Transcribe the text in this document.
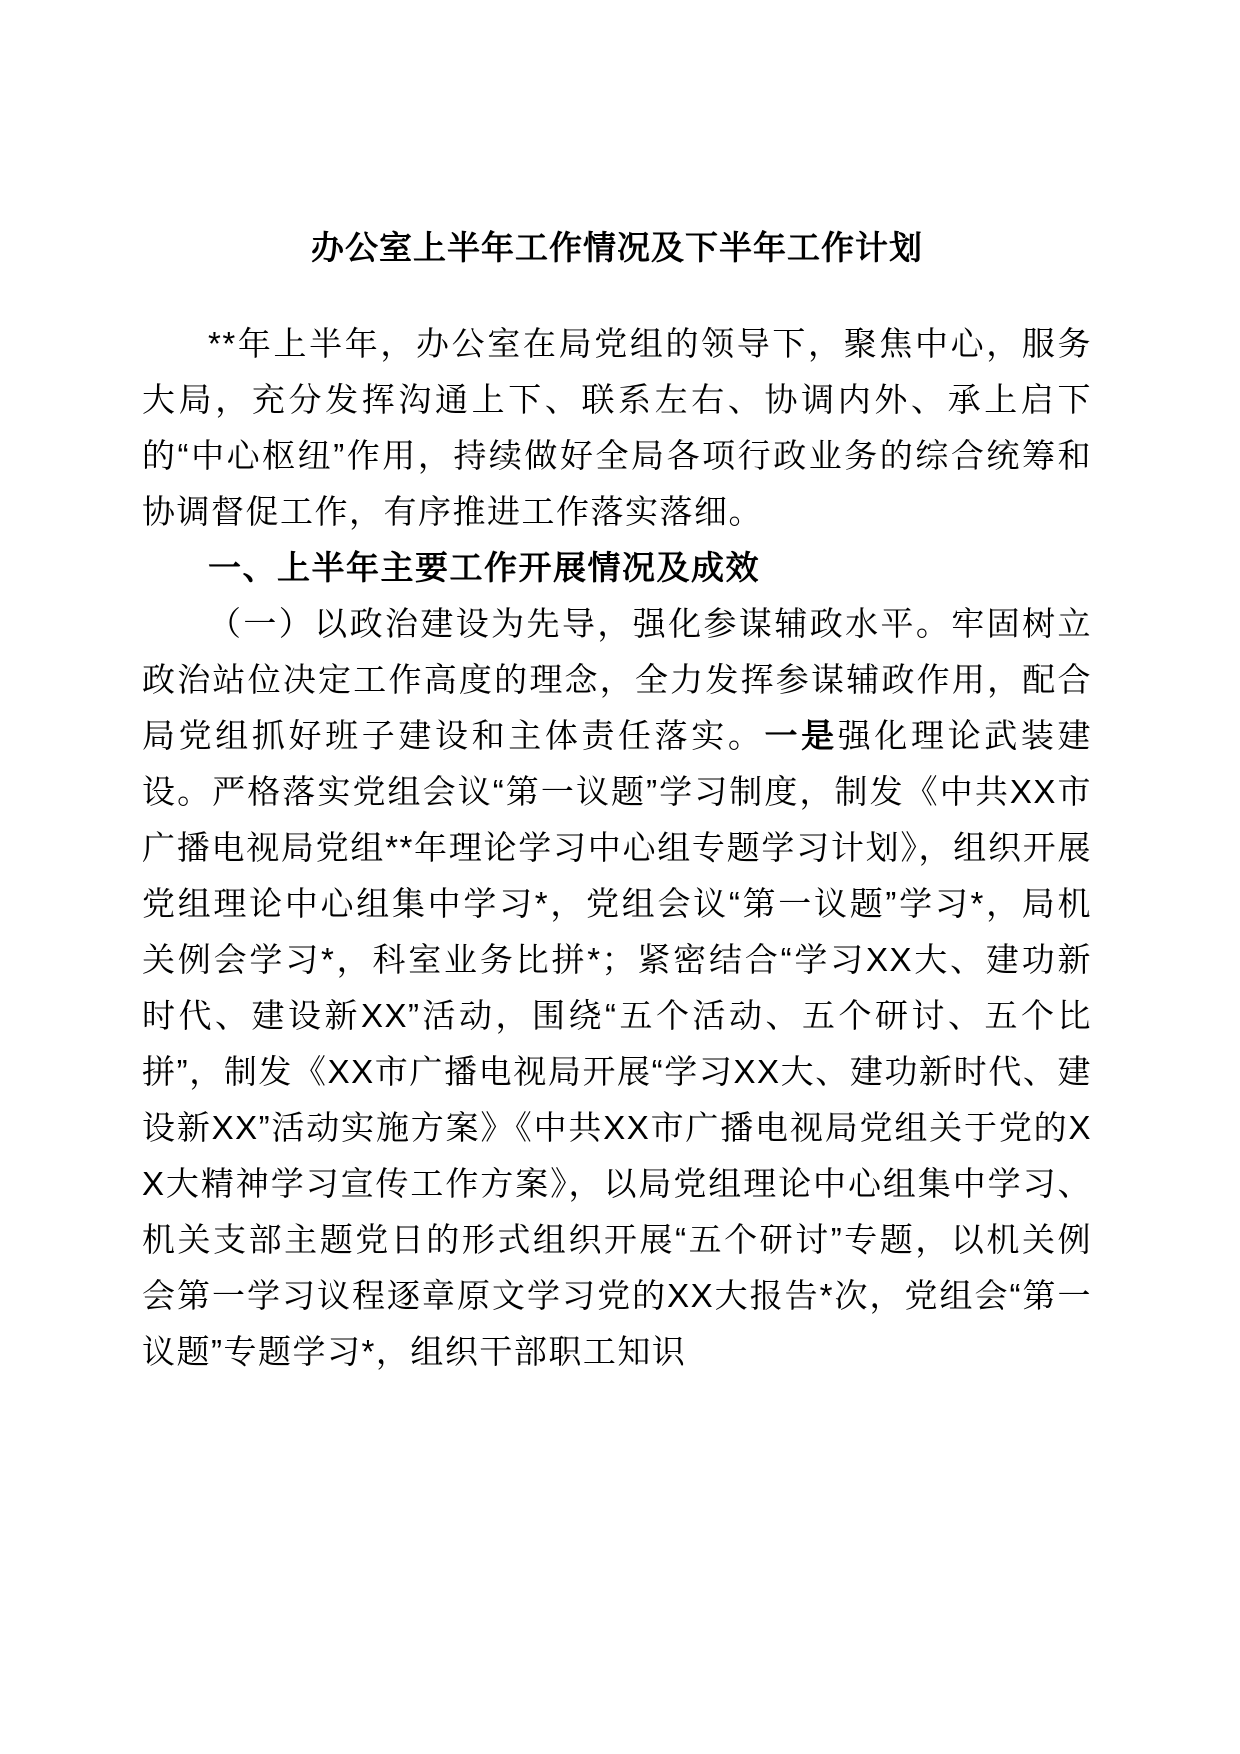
办公室上半年工作情况及下半年工作计划

**年上半年，办公室在局党组的领导下，聚焦中心，服务大局，充分发挥沟通上下、联系左右、协调内外、承上启下的“中心枢纽”作用，持续做好全局各项行政业务的综合统筹和协调督促工作，有序推进工作落实落细。

一、上半年主要工作开展情况及成效

（一）以政治建设为先导，强化参谋辅政水平。牢固树立政治站位决定工作高度的理念，全力发挥参谋辅政作用，配合局党组抓好班子建设和主体责任落实。一是强化理论武装建设。严格落实党组会议“第一议题”学习制度，制发《中共XX市广播电视局党组**年理论学习中心组专题学习计划》，组织开展党组理论中心组集中学习*，党组会议“第一议题”学习*，局机关例会学习*，科室业务比拼*；紧密结合“学习XX大、建功新时代、建设新XX”活动，围绕“五个活动、五个研讨、五个比拼”，制发《XX市广播电视局开展“学习XX大、建功新时代、建设新XX”活动实施方案》《中共XX市广播电视局党组关于党的XX大精神学习宣传工作方案》，以局党组理论中心组集中学习、机关支部主题党日的形式组织开展“五个研讨”专题，以机关例会第一学习议程逐章原文学习党的XX大报告*次，党组会“第一议题”专题学习*，组织干部职工知识
